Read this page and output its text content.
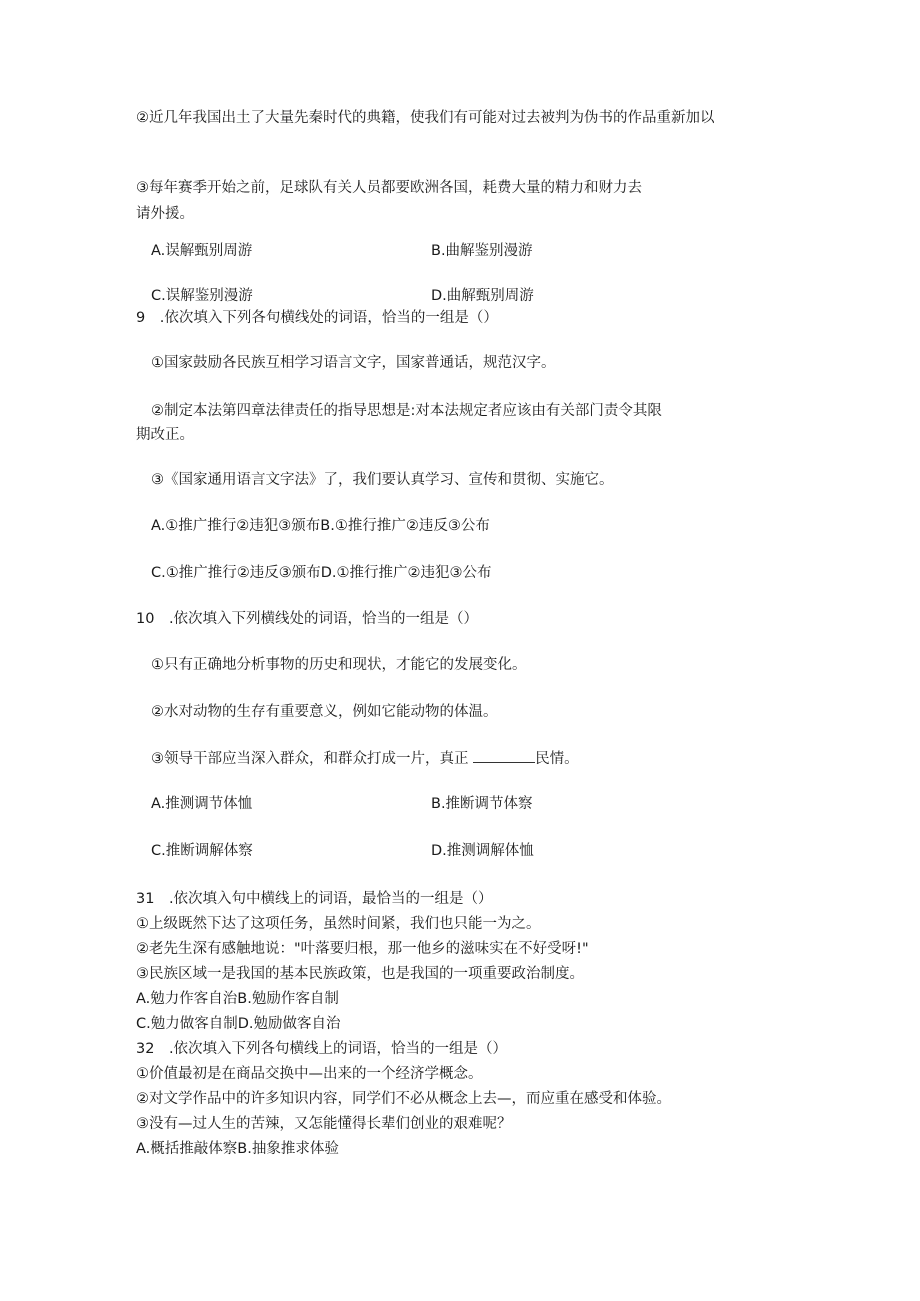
②近几年我国出土了大量先秦时代的典籍，使我们有可能对过去被判为伪书的作品重新加以
③每年赛季开始之前，足球队有关人员都要欧洲各国，耗费大量的精力和财力去
请外援。
A.误解甄别周游	B.曲解鉴别漫游
C.误解鉴别漫游	D.曲解甄别周游
9　.依次填入下列各句横线处的词语，恰当的一组是（）
①国家鼓励各民族互相学习语言文字，国家普通话，规范汉字。
②制定本法第四章法律责任的指导思想是:对本法规定者应该由有关部门责令其限
期改正。
③《国家通用语言文字法》了，我们要认真学习、宣传和贯彻、实施它。
A.①推广推行②违犯③颁布B.①推行推广②违反③公布
C.①推广推行②违反③颁布D.①推行推广②违犯③公布
10　.依次填入下列横线处的词语，恰当的一组是（）
①只有正确地分析事物的历史和现状，才能它的发展变化。
②水对动物的生存有重要意义，例如它能动物的体温。
③领导干部应当深入群众，和群众打成一片，真正	民情。
A.推测调节体恤	B.推断调节体察
C.推断调解体察	D.推测调解体恤
31　.依次填入句中横线上的词语，最恰当的一组是（）
①上级既然下达了这项任务，虽然时间紧，我们也只能一为之。
②老先生深有感触地说："叶落要归根，那一他乡的滋味实在不好受呀!"
③民族区域一是我国的基本民族政策，也是我国的一项重要政治制度。
A.勉力作客自治B.勉励作客自制
C.勉力做客自制D.勉励做客自治
32　.依次填入下列各句横线上的词语，恰当的一组是（）
①价值最初是在商品交换中—出来的一个经济学概念。
②对文学作品中的许多知识内容，同学们不必从概念上去—，而应重在感受和体验。
③没有—过人生的苦辣，又怎能懂得长辈们创业的艰难呢？
A.概括推敲体察B.抽象推求体验
